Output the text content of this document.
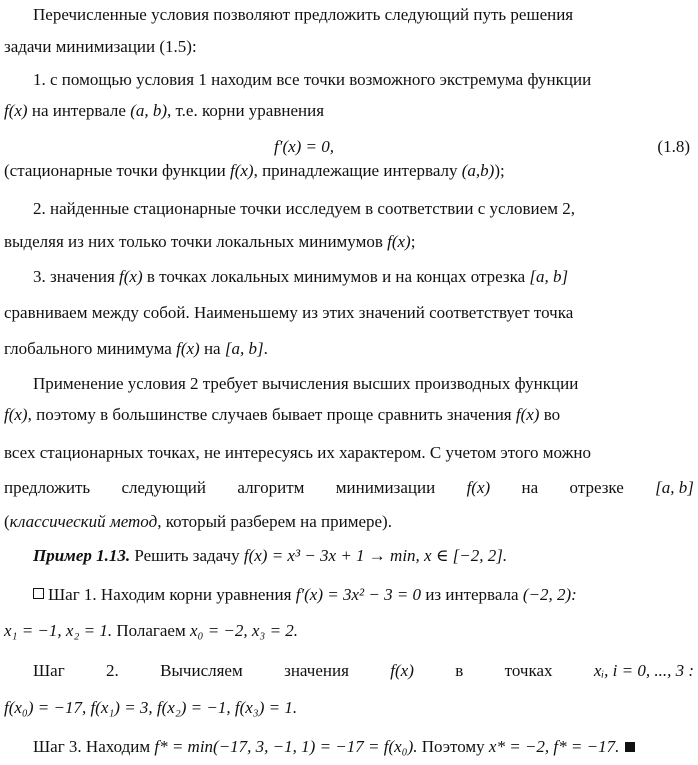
Перечисленные условия позволяют предложить следующий путь решения
задачи минимизации (1.5):
1. с помощью условия 1 находим все точки возможного экстремума функции
f(x) на интервале (a, b), т.е. корни уравнения
f′(x) = 0,	(1.8)
(стационарные точки функции f(x), принадлежащие интервалу (a,b));
2. найденные стационарные точки исследуем в соответствии с условием 2,
выделяя из них только точки локальных минимумов f(x);
3. значения f(x) в точках локальных минимумов и на концах отрезка [a, b]
сравниваем между собой. Наименьшему из этих значений соответствует точка
глобального минимума f(x) на [a, b].
Применение условия 2 требует вычисления высших производных функции
f(x), поэтому в большинстве случаев бывает проще сравнить значения f(x) во
всех стационарных точках, не интересуясь их характером. С учетом этого можно
предложить следующий алгоритм минимизации f(x) на отрезке [a, b]
(классический метод, который разберем на примере).
Пример 1.13. Решить задачу f(x) = x³ − 3x + 1 → min, x ∈ [−2, 2].
Шаг 1. Находим корни уравнения f′(x) = 3x² − 3 = 0 из интервала (−2, 2):
x₁ = −1, x₂ = 1. Полагаем x₀ = −2, x₃ = 2.
Шаг 2. Вычисляем значения f(x) в точках xᵢ, i = 0, ..., 3 :
f(x₀) = −17, f(x₁) = 3, f(x₂) = −1, f(x₃) = 1.
Шаг 3. Находим f* = min(−17, 3, −1, 1) = −17 = f(x₀). Поэтому x* = −2, f* = −17.
